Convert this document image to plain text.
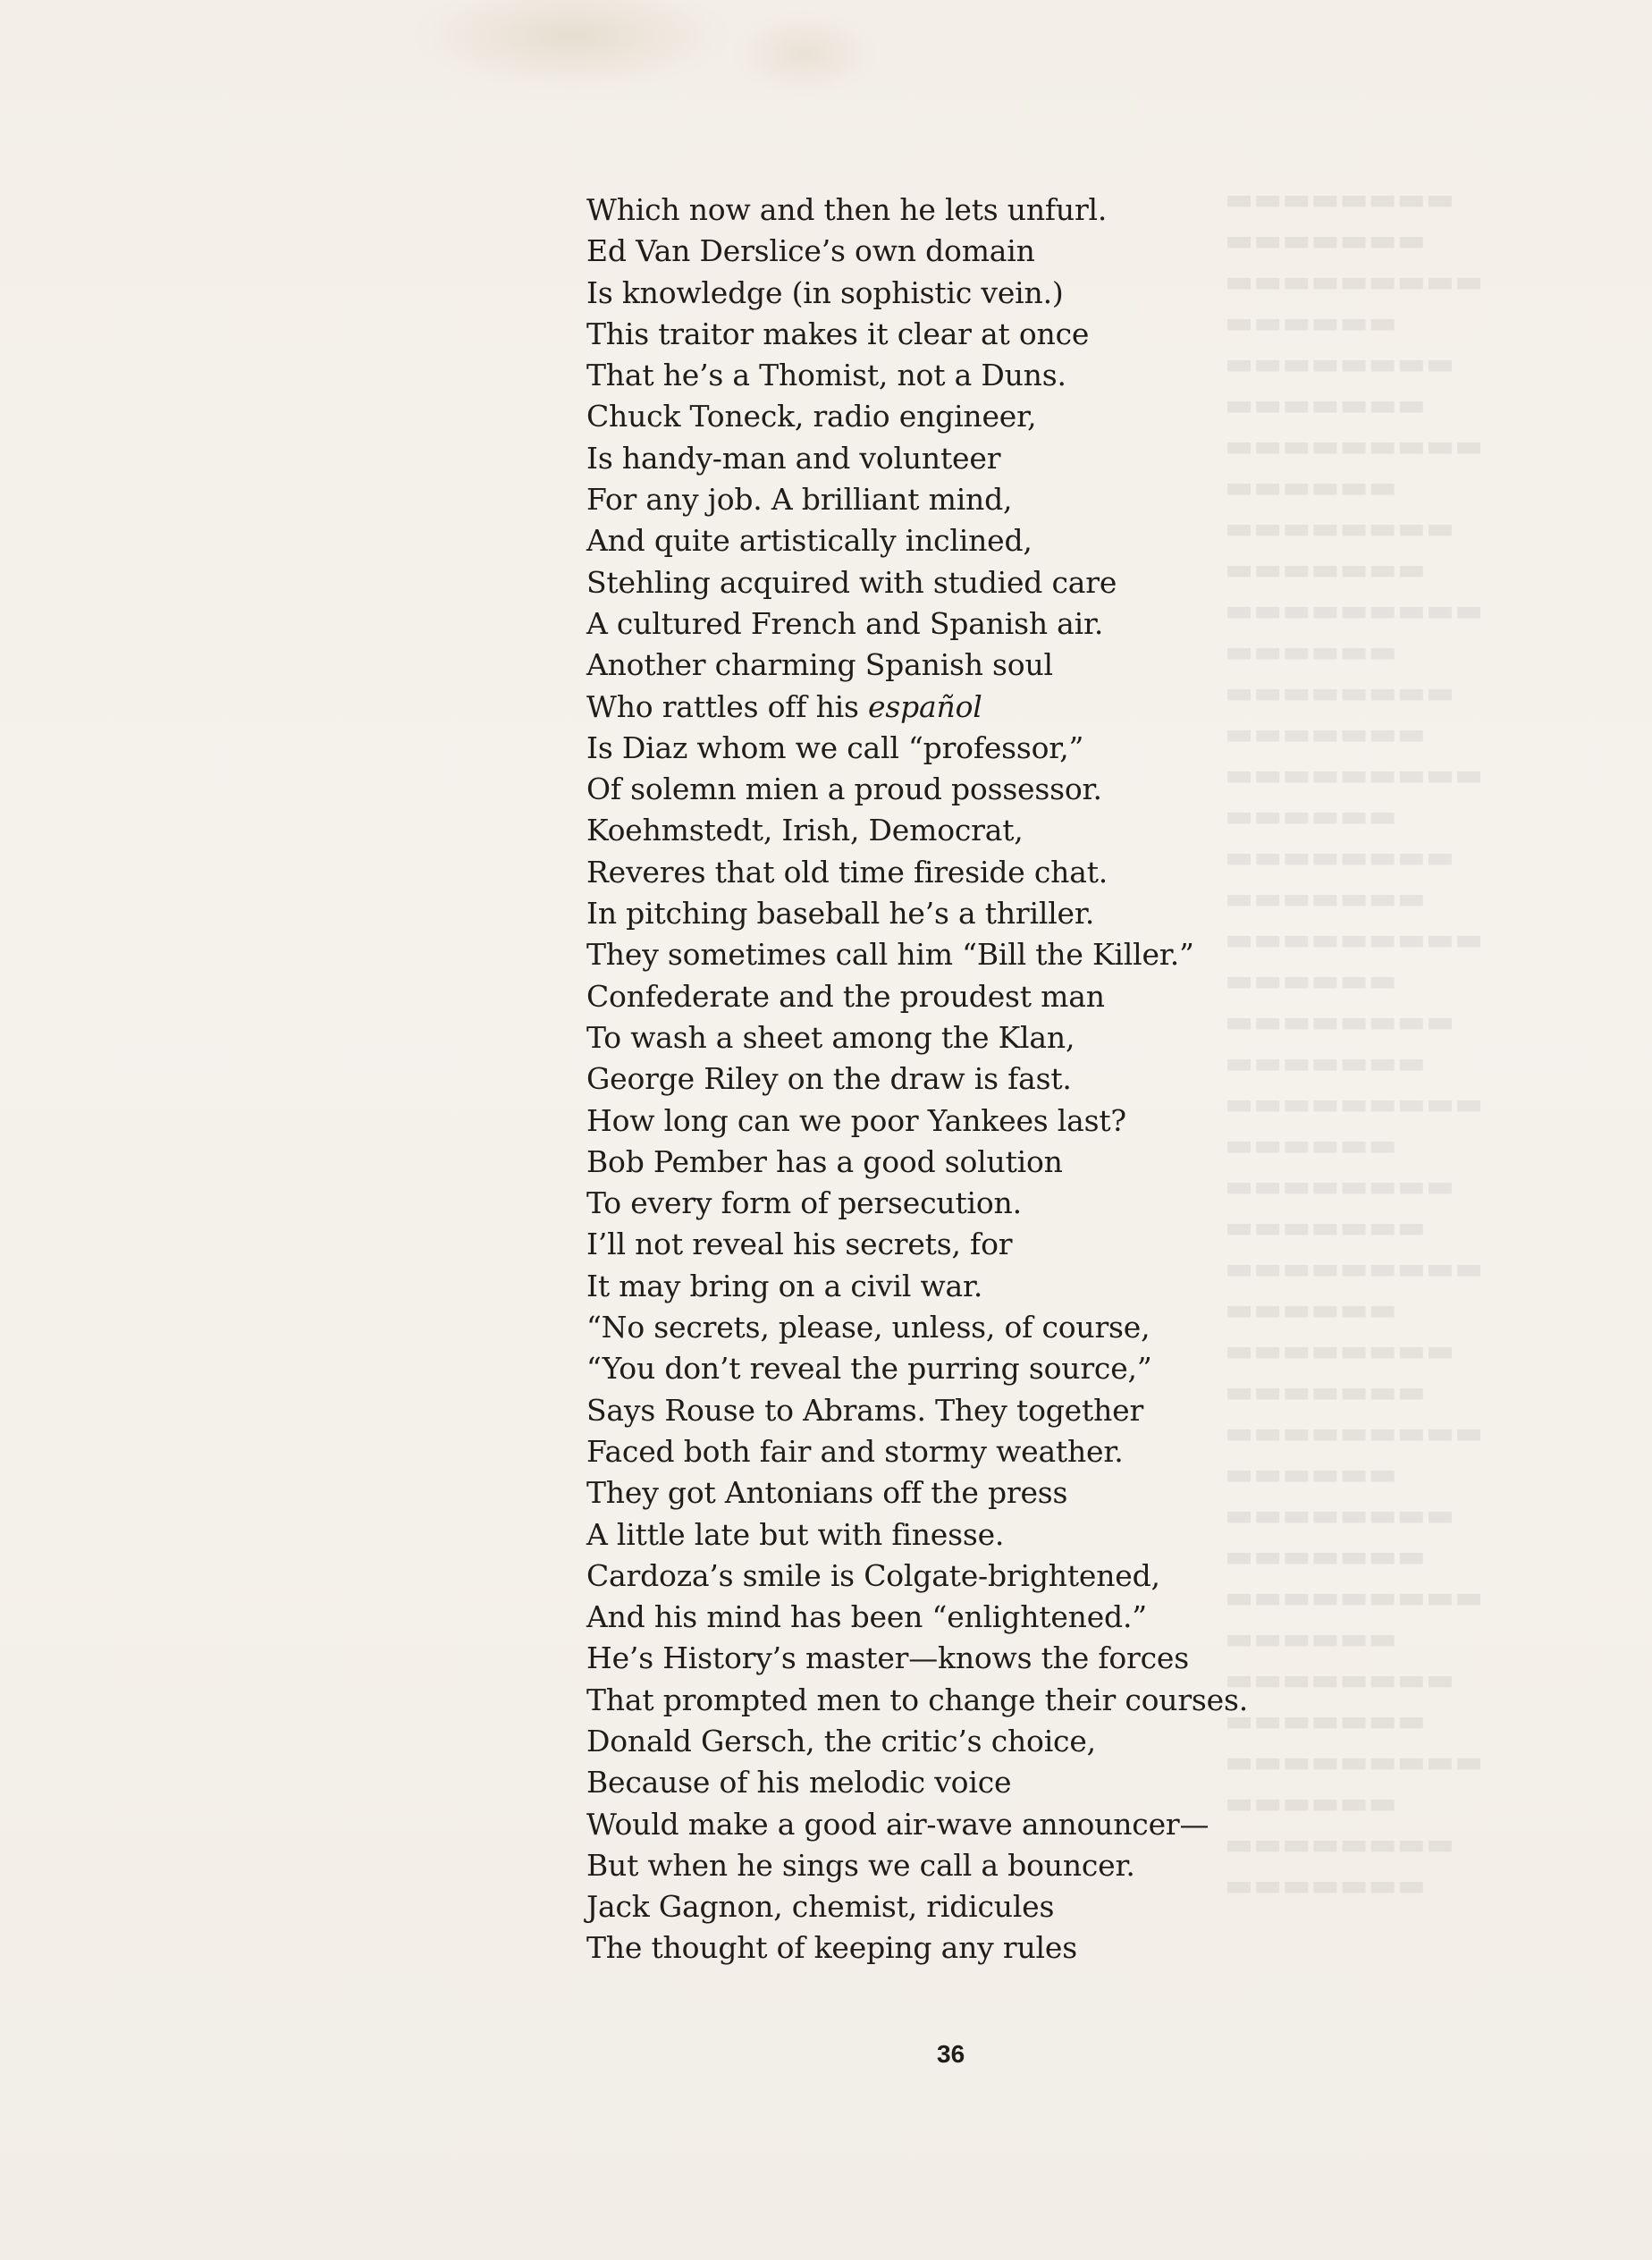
▬▬▬▬▬▬▬▬
▬▬▬▬▬▬▬
▬▬▬▬▬▬▬▬▬
▬▬▬▬▬▬
▬▬▬▬▬▬▬▬
▬▬▬▬▬▬▬
▬▬▬▬▬▬▬▬▬
▬▬▬▬▬▬
▬▬▬▬▬▬▬▬
▬▬▬▬▬▬▬
▬▬▬▬▬▬▬▬▬
▬▬▬▬▬▬
▬▬▬▬▬▬▬▬
▬▬▬▬▬▬▬
▬▬▬▬▬▬▬▬▬
▬▬▬▬▬▬
▬▬▬▬▬▬▬▬
▬▬▬▬▬▬▬
▬▬▬▬▬▬▬▬▬
▬▬▬▬▬▬
▬▬▬▬▬▬▬▬
▬▬▬▬▬▬▬
▬▬▬▬▬▬▬▬▬
▬▬▬▬▬▬
▬▬▬▬▬▬▬▬
▬▬▬▬▬▬▬
▬▬▬▬▬▬▬▬▬
▬▬▬▬▬▬
▬▬▬▬▬▬▬▬
▬▬▬▬▬▬▬
▬▬▬▬▬▬▬▬▬
▬▬▬▬▬▬
▬▬▬▬▬▬▬▬
▬▬▬▬▬▬▬
▬▬▬▬▬▬▬▬▬
▬▬▬▬▬▬
▬▬▬▬▬▬▬▬
▬▬▬▬▬▬▬
▬▬▬▬▬▬▬▬▬
▬▬▬▬▬▬
▬▬▬▬▬▬▬▬
▬▬▬▬▬▬▬
Which now and then he lets unfurl.
Ed Van Derslice’s own domain
Is knowledge (in sophistic vein.)
This traitor makes it clear at once
That he’s a Thomist, not a Duns.
Chuck Toneck, radio engineer,
Is handy-man and volunteer
For any job. A brilliant mind,
And quite artistically inclined,
Stehling acquired with studied care
A cultured French and Spanish air.
Another charming Spanish soul
Who rattles off his español
Is Diaz whom we call “professor,”
Of solemn mien a proud possessor.
Koehmstedt, Irish, Democrat,
Reveres that old time fireside chat.
In pitching baseball he’s a thriller.
They sometimes call him “Bill the Killer.”
Confederate and the proudest man
To wash a sheet among the Klan,
George Riley on the draw is fast.
How long can we poor Yankees last?
Bob Pember has a good solution
To every form of persecution.
I’ll not reveal his secrets, for
It may bring on a civil war.
“No secrets, please, unless, of course,
“You don’t reveal the purring source,”
Says Rouse to Abrams. They together
Faced both fair and stormy weather.
They got Antonians off the press
A little late but with finesse.
Cardoza’s smile is Colgate-brightened,
And his mind has been “enlightened.”
He’s History’s master—knows the forces
That prompted men to change their courses.
Donald Gersch, the critic’s choice,
Because of his melodic voice
Would make a good air-wave announcer—
But when he sings we call a bouncer.
Jack Gagnon, chemist, ridicules
The thought of keeping any rules
36
